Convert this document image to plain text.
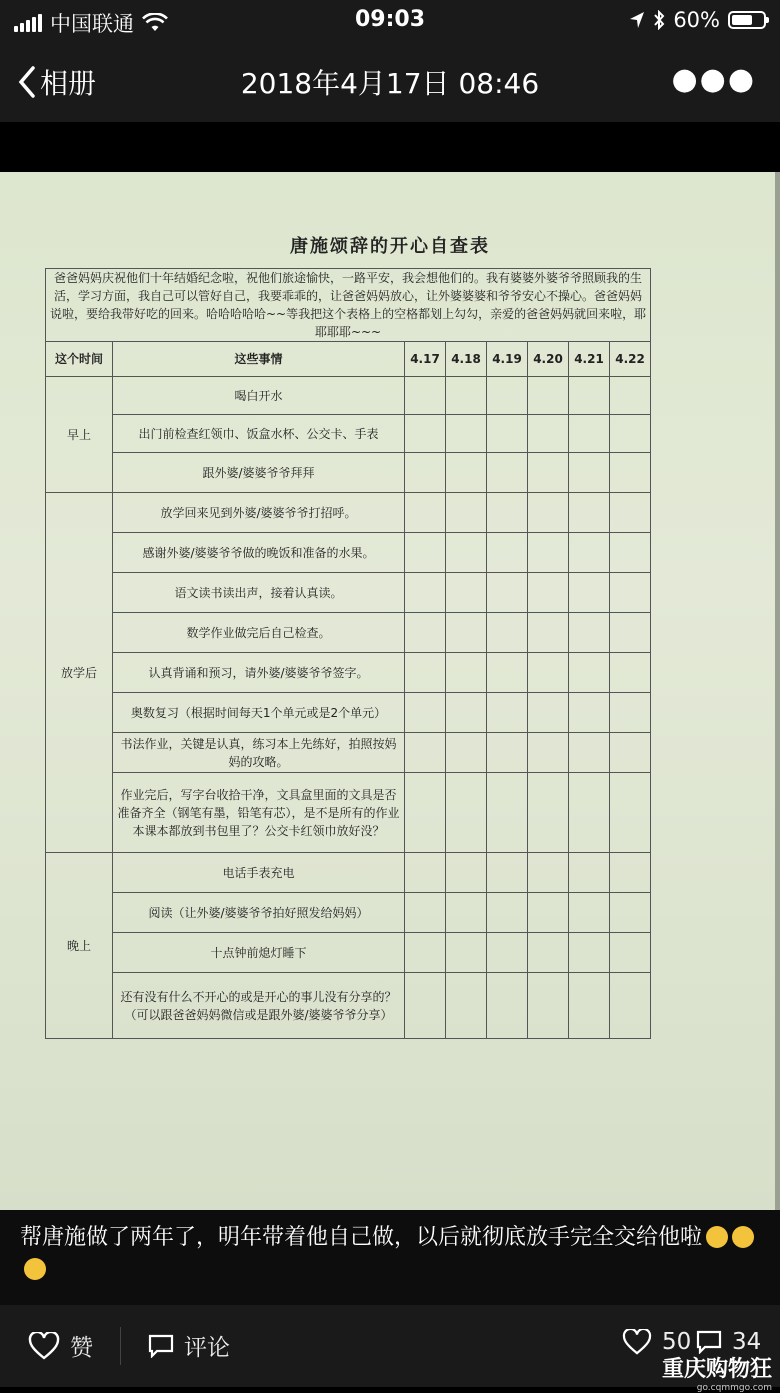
中国联通	09:03	60%
相册	2018年4月17日 08:46	●●●
唐施颂辞的开心自查表
爸爸妈妈庆祝他们十年结婚纪念啦，祝他们旅途愉快，一路平安，我会想他们的。我有婆婆外婆爷爷照顾我的生活，学习方面，我自己可以管好自己，我要乖乖的，让爸爸妈妈放心，让外婆婆婆和爷爷安心不操心。爸爸妈妈说啦，要给我带好吃的回来。哈哈哈哈哈~~等我把这个表格上的空格都划上勾勾，亲爱的爸爸妈妈就回来啦，耶耶耶耶~~~							
这个时间	这些事情	4.17	4.18	4.19	4.20	4.21	4.22
早上	喝白开水						
	出门前检查红领巾、饭盒水杯、公交卡、手表						
	跟外婆/婆婆爷爷拜拜						
放学后	放学回来见到外婆/婆婆爷爷打招呼。						
	感谢外婆/婆婆爷爷做的晚饭和准备的水果。						
	语文读书读出声，接着认真读。						
	数学作业做完后自己检查。						
	认真背诵和预习，请外婆/婆婆爷爷签字。						
	奥数复习（根据时间每天1个单元或是2个单元）						
	书法作业，关键是认真，练习本上先练好，拍照按妈妈的攻略。						
	作业完后，写字台收拾干净，文具盒里面的文具是否准备齐全（钢笔有墨，铅笔有芯），是不是所有的作业本课本都放到书包里了？公交卡红领巾放好没？						
晚上	电话手表充电						
	阅读（让外婆/婆婆爷爷拍好照发给妈妈）						
	十点钟前熄灯睡下						
	还有没有什么不开心的或是开心的事儿没有分享的？（可以跟爸爸妈妈微信或是跟外婆/婆婆爷爷分享）						
帮唐施做了两年了，明年带着他自己做，以后就彻底放手完全交给他啦
赞	评论	50 34
重庆购物狂
go.cqmmgo.com
